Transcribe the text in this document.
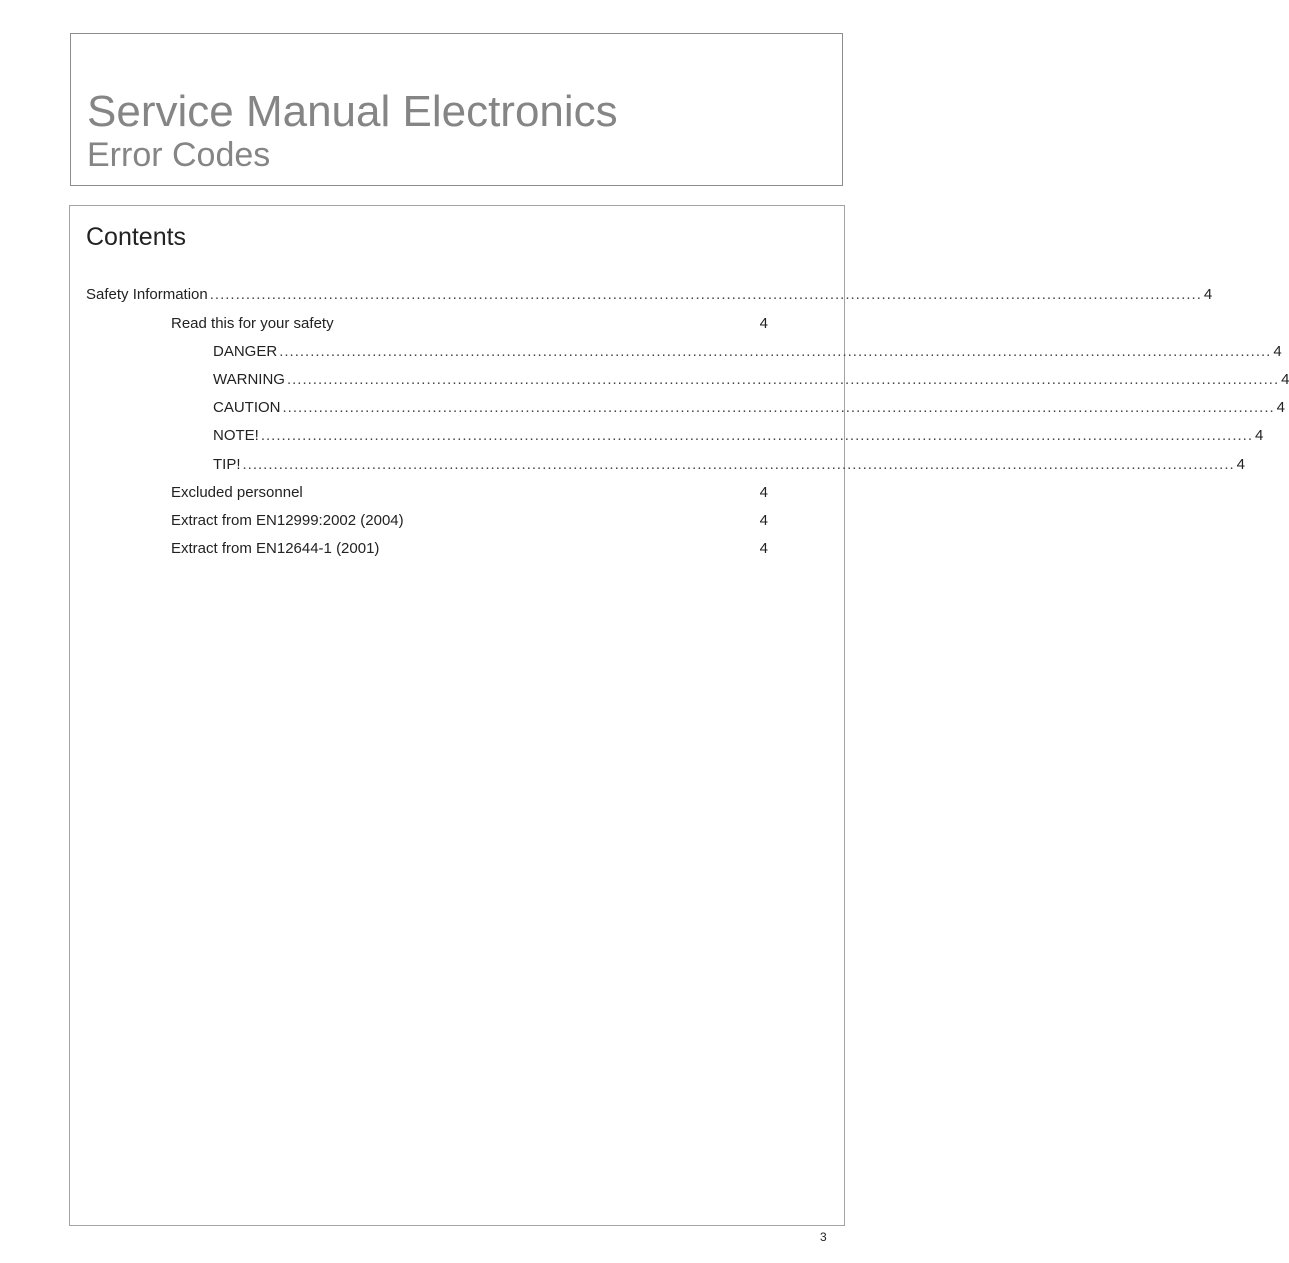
Service Manual Electronics
Error Codes
Contents
Safety Information ................................................................................................................................................................................................ 4
Read this for your safety	4
DANGER ................................................................................................................................................................................................ 4
WARNING ................................................................................................................................................................................................ 4
CAUTION ................................................................................................................................................................................................ 4
NOTE! ................................................................................................................................................................................................ 4
TIP! ................................................................................................................................................................................................ 4
Excluded personnel	4
Extract from EN12999:2002 (2004)	4
Extract from EN12644-1 (2001)	4
3
